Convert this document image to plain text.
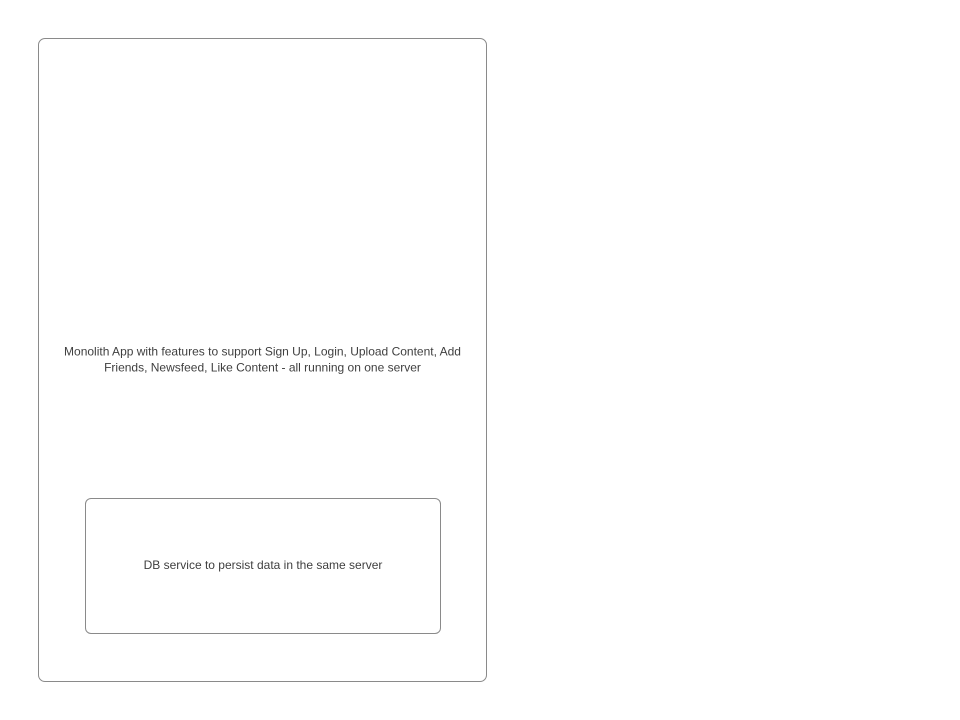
Monolith App with features to support Sign Up, Login, Upload Content, Add
Friends, Newsfeed, Like Content - all running on one server
DB service to persist data in the same server
